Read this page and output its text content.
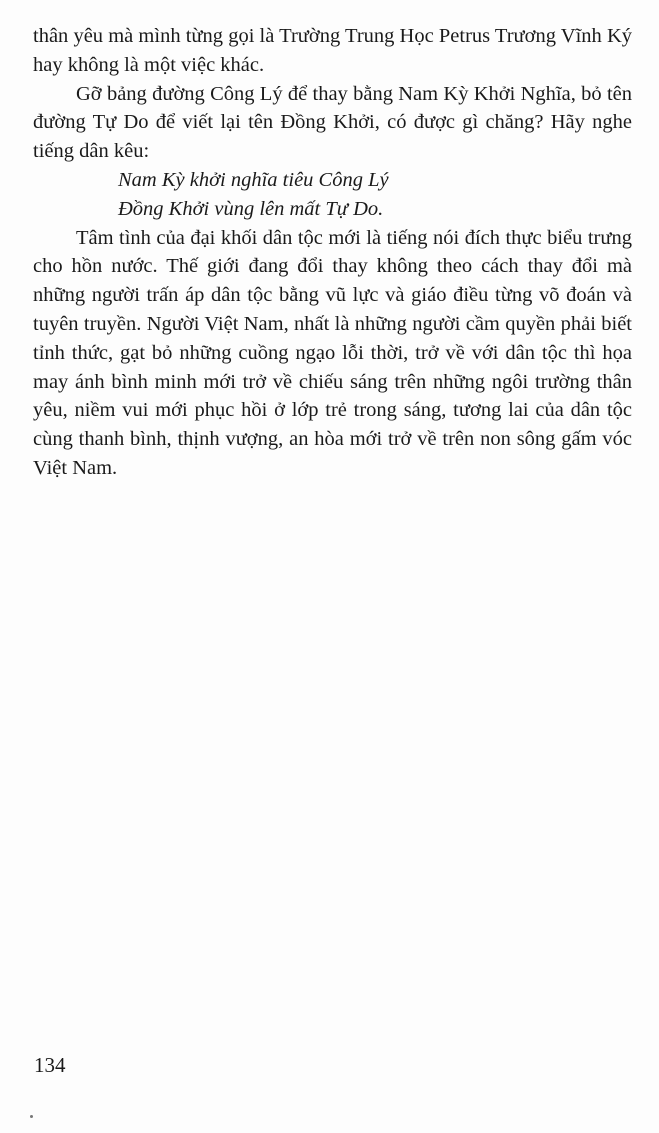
thân yêu mà mình từng gọi là Trường Trung Học Petrus Trương Vĩnh Ký hay không là một việc khác.

Gỡ bảng đường Công Lý để thay bằng Nam Kỳ Khởi Nghĩa, bỏ tên đường Tự Do để viết lại tên Đồng Khởi, có được gì chăng? Hãy nghe tiếng dân kêu:

Nam Kỳ khởi nghĩa tiêu Công Lý
Đồng Khởi vùng lên mất Tự Do.

Tâm tình của đại khối dân tộc mới là tiếng nói đích thực biểu trưng cho hồn nước. Thế giới đang đổi thay không theo cách thay đổi mà những người trấn áp dân tộc bằng vũ lực và giáo điều từng võ đoán và tuyên truyền. Người Việt Nam, nhất là những người cầm quyền phải biết tỉnh thức, gạt bỏ những cuồng ngạo lỗi thời, trở về với dân tộc thì họa may ánh bình minh mới trở về chiếu sáng trên những ngôi trường thân yêu, niềm vui mới phục hồi ở lớp trẻ trong sáng, tương lai của dân tộc cùng thanh bình, thịnh vượng, an hòa mới trở về trên non sông gấm vóc Việt Nam.

134
